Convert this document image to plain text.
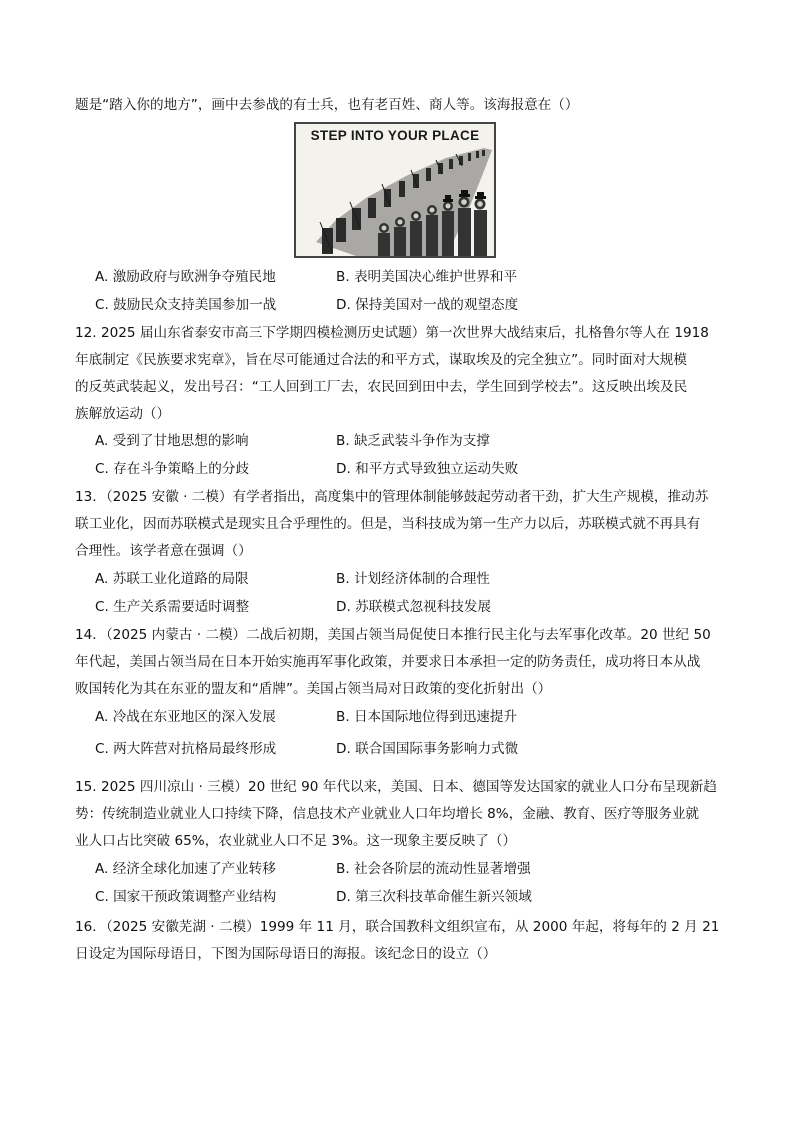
题是“踏入你的地方”，画中去参战的有士兵，也有老百姓、商人等。该海报意在（）
STEP INTO YOUR PLACE
A. 激励政府与欧洲争夺殖民地	B. 表明美国决心维护世界和平
C. 鼓励民众支持美国参加一战	D. 保持美国对一战的观望态度
12. 2025 届山东省泰安市高三下学期四模检测历史试题）第一次世界大战结束后，扎格鲁尔等人在 1918
年底制定《民族要求宪章》，旨在尽可能通过合法的和平方式，谋取埃及的完全独立”。同时面对大规模
的反英武装起义，发出号召：“工人回到工厂去，农民回到田中去，学生回到学校去”。这反映出埃及民
族解放运动（）
A. 受到了甘地思想的影响	B. 缺乏武装斗争作为支撑
C. 存在斗争策略上的分歧	D. 和平方式导致独立运动失败
13．（2025 安徽 · 二模）有学者指出，高度集中的管理体制能够鼓起劳动者干劲，扩大生产规模，推动苏
联工业化，因而苏联模式是现实且合乎理性的。但是，当科技成为第一生产力以后，苏联模式就不再具有
合理性。该学者意在强调（）
A. 苏联工业化道路的局限	B. 计划经济体制的合理性
C. 生产关系需要适时调整	D. 苏联模式忽视科技发展
14．（2025 内蒙古 · 二模）二战后初期，美国占领当局促使日本推行民主化与去军事化改革。20 世纪 50
年代起，美国占领当局在日本开始实施再军事化政策，并要求日本承担一定的防务责任，成功将日本从战
败国转化为其在东亚的盟友和“盾牌”。美国占领当局对日政策的变化折射出（）
A. 冷战在东亚地区的深入发展	B. 日本国际地位得到迅速提升
C. 两大阵营对抗格局最终形成	D. 联合国国际事务影响力式微
15. 2025 四川凉山 · 三模）20 世纪 90 年代以来，美国、日本、德国等发达国家的就业人口分布呈现新趋
势：传统制造业就业人口持续下降，信息技术产业就业人口年均增长 8%，金融、教育、医疗等服务业就
业人口占比突破 65%，农业就业人口不足 3%。这一现象主要反映了（）
A. 经济全球化加速了产业转移	B. 社会各阶层的流动性显著增强
C. 国家干预政策调整产业结构	D. 第三次科技革命催生新兴领域
16．（2025 安徽芜湖 · 二模）1999 年 11 月，联合国教科文组织宣布，从 2000 年起，将每年的 2 月 21
日设定为国际母语日，下图为国际母语日的海报。该纪念日的设立（）
